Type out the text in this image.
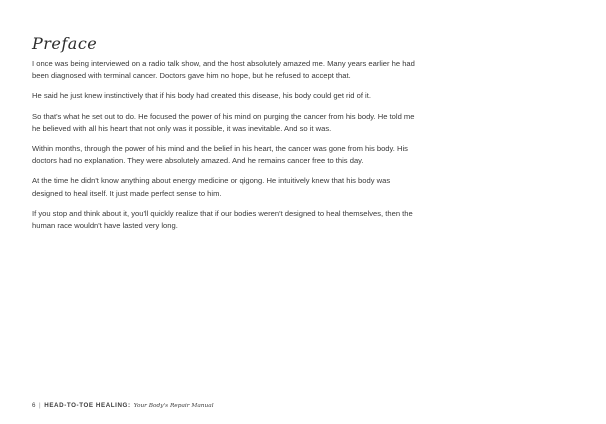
Preface

I once was being interviewed on a radio talk show, and the host absolutely amazed me. Many years earlier he had been diagnosed with terminal cancer. Doctors gave him no hope, but he refused to accept that.

He said he just knew instinctively that if his body had created this disease, his body could get rid of it.

So that's what he set out to do. He focused the power of his mind on purging the cancer from his body. He told me he believed with all his heart that not only was it possible, it was inevitable. And so it was.

Within months, through the power of his mind and the belief in his heart, the cancer was gone from his body. His doctors had no explanation. They were absolutely amazed. And he remains cancer free to this day.

At the time he didn't know anything about energy medicine or qigong. He intuitively knew that his body was designed to heal itself. It just made perfect sense to him.

If you stop and think about it, you'll quickly realize that if our bodies weren't designed to heal themselves, then the human race wouldn't have lasted very long.

6 | HEAD-TO-TOE HEALING: Your Body's Repair Manual
